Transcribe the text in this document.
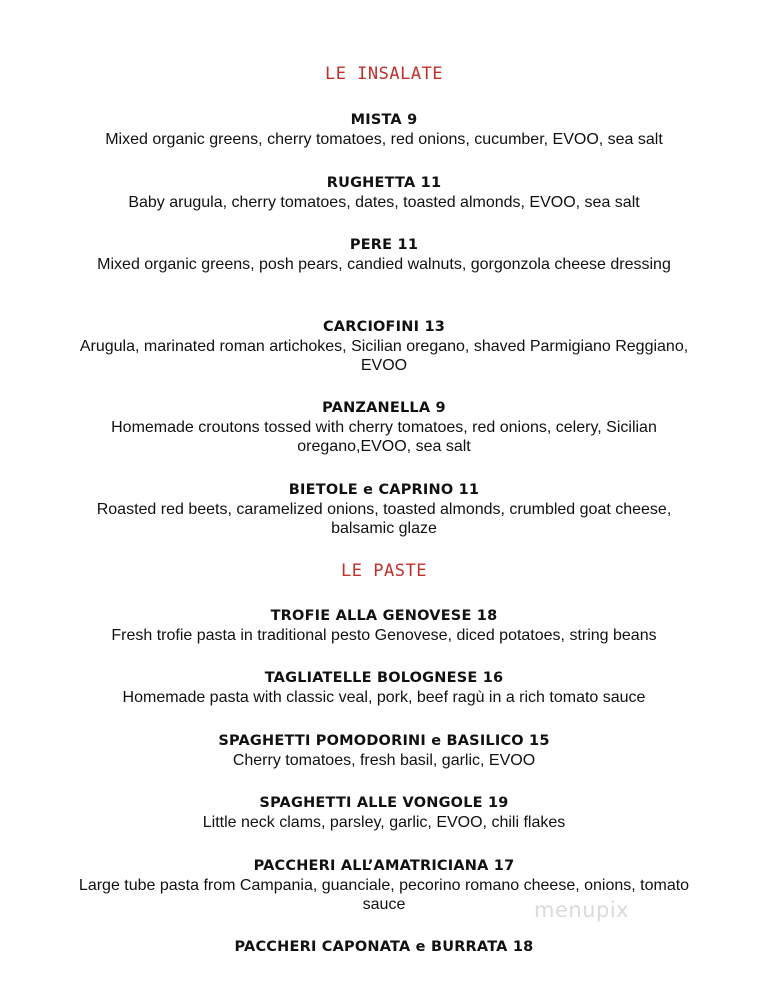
LE INSALATE
MISTA 9
Mixed organic greens, cherry tomatoes, red onions, cucumber, EVOO, sea salt
RUGHETTA 11
Baby arugula, cherry tomatoes, dates, toasted almonds, EVOO, sea salt
PERE 11
Mixed organic greens, posh pears, candied walnuts, gorgonzola cheese dressing
CARCIOFINI 13
Arugula, marinated roman artichokes, Sicilian oregano, shaved Parmigiano Reggiano, EVOO
PANZANELLA 9
Homemade croutons tossed with cherry tomatoes, red onions, celery, Sicilian oregano,EVOO, sea salt
BIETOLE e CAPRINO 11
Roasted red beets, caramelized onions, toasted almonds, crumbled goat cheese,          balsamic glaze
LE PASTE
TROFIE ALLA GENOVESE 18
Fresh trofie pasta in traditional pesto Genovese, diced potatoes, string beans
TAGLIATELLE BOLOGNESE 16
Homemade pasta with classic veal, pork, beef ragù in a rich tomato sauce
SPAGHETTI POMODORINI e BASILICO 15
Cherry tomatoes, fresh basil, garlic, EVOO
SPAGHETTI ALLE VONGOLE 19
Little neck clams, parsley, garlic, EVOO, chili flakes
PACCHERI ALL’AMATRICIANA 17
Large tube pasta from Campania, guanciale, pecorino romano cheese, onions, tomato sauce
PACCHERI CAPONATA e BURRATA 18
menupix
